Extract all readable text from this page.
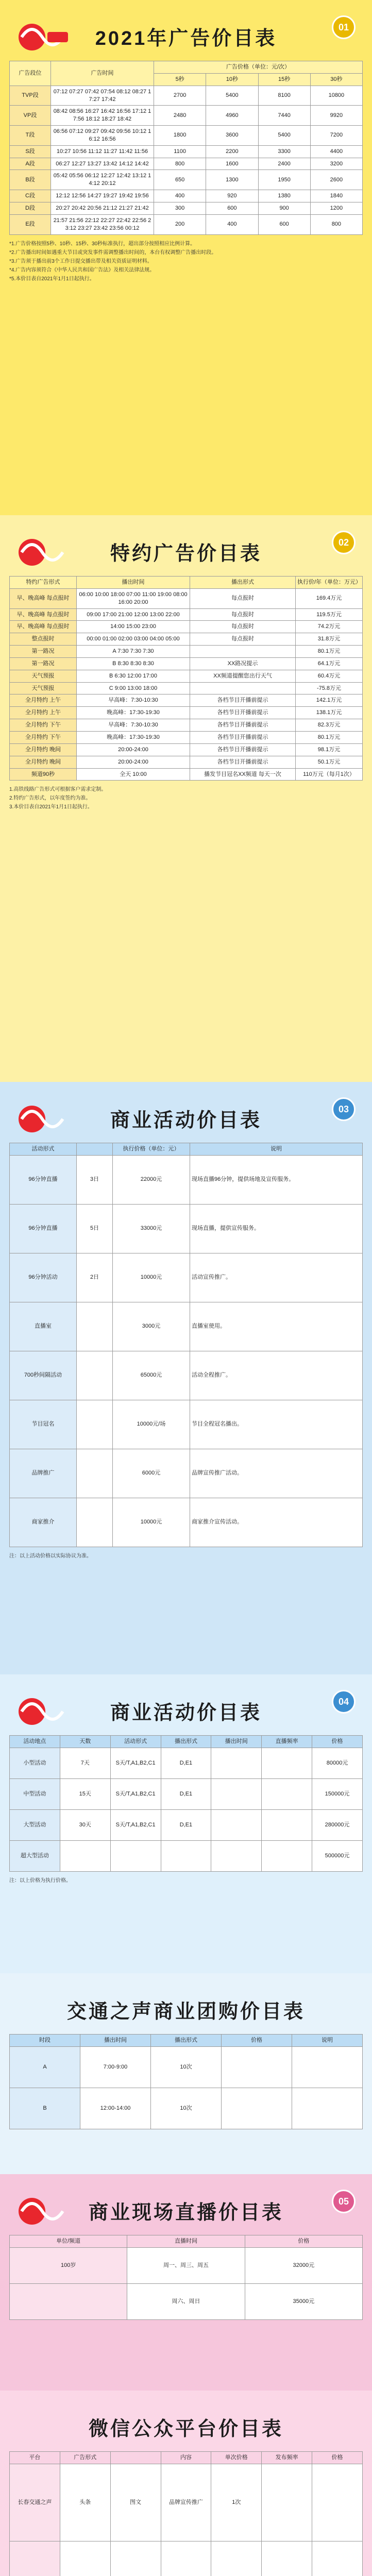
2021年广告价目表
01
广告段位	广告时间	广告价格（单位：元/次）			
		5秒	10秒	15秒	30秒
TVP段	07:12 07:27 07:42 07:54 08:12 08:27 17:27 17:42	2700	5400	8100	10800
VP段	08:42 08:56 16:27 16:42 16:56 17:12 17:56 18:12 18:27 18:42	2480	4960	7440	9920
T段	06:56 07:12 09:27 09:42 09:56 10:12 16:12 16:56	1800	3600	5400	7200
S段	10:27 10:56 11:12 11:27 11:42 11:56	1100	2200	3300	4400
A段	06:27 12:27 13:27 13:42 14:12 14:42	800	1600	2400	3200
B段	05:42 05:56 06:12 12:27 12:42 13:12 14:12 20:12	650	1300	1950	2600
C段	12:12 12:56 14:27 19:27 19:42 19:56	400	920	1380	1840
D段	20:27 20:42 20:56 21:12 21:27 21:42	300	600	900	1200
E段	21:57 21:56 22:12 22:27 22:42 22:56 23:12 23:27 23:42 23:56 00:12	200	400	600	800

*1.广告价格按照5秒、10秒、15秒、30秒标准执行，超出部分按照相应比例计算。

*2.广告播出时间如遇重大节目或突发事件需调整播出时间的，本台有权调整广告播出时段。

*3.广告须于播出前3个工作日提交播出带及相关资质证明材料。

*4.广告内容须符合《中华人民共和国广告法》及相关法律法规。

*5.本价目表自2021年1月1日起执行。

特约广告价目表
02
特约广告形式	播出时间	播出形式	执行价/年（单位：万元）
早、晚高峰 每点报时	06:00 10:00 18:00 07:00 11:00 19:00 08:00 16:00 20:00	每点报时	169.4万元
早、晚高峰 每点报时	09:00 17:00 21:00 12:00 13:00 22:00	每点报时	119.5万元
早、晚高峰 每点报时	14:00 15:00 23:00	每点报时	74.2万元
整点报时	00:00 01:00 02:00 03:00 04:00 05:00	每点报时	31.8万元
第一路况	A 7:30 7:30 7:30		80.1万元
第一路况	B 8:30 8:30 8:30	XX路况提示	64.1万元
天气预报	B 6:30 12:00 17:00	XX频道提醒您出行天气	60.4万元
天气预报	C 9:00 13:00 18:00		-75.8万元
全月特约 上午	早高峰：7:30-10:30	各档节目开播前提示	142.1万元
全月特约 上午	晚高峰：17:30-19:30	各档节目开播前提示	138.1万元
全月特约 下午	早高峰：7:30-10:30	各档节目开播前提示	82.3万元
全月特约 下午	晚高峰：17:30-19:30	各档节目开播前提示	80.1万元
全月特约 晚间	20:00-24:00	各档节目开播前提示	98.1万元
全月特约 晚间	20:00-24:00	各档节目开播前提示	50.1万元
频道90秒	全天 10:00	播发节目冠名XX频道 每天一次	110万元（每月1次）

1.高铁线路广告形式可根据客户需求定制。

2.特约广告形式，以年度签约为准。

3.本价目表自2021年1月1日起执行。

商业活动价目表
03
活动形式		执行价格（单位：元）	说明
96分钟直播	3日	22000元	现场直播96分钟，提供场地及宣传服务。
96分钟直播	5日	33000元	现场直播，提供宣传服务。
96分钟活动	2日	10000元	活动宣传推广。
直播室		3000元	直播室使用。
700秒间隔活动		65000元	活动全程推广。
节目冠名		10000元/场	节目全程冠名播出。
品牌推广		6000元	品牌宣传推广活动。
商家推介		10000元	商家推介宣传活动。

注：以上活动价格以实际协议为准。

商业活动价目表
04
活动地点	天数	活动形式	播出形式	播出时间	直播频率	价格
小型活动	7天	S天/T,A1,B2,C1	D,E1			80000元
中型活动	15天	S天/T,A1,B2,C1	D,E1			150000元
大型活动	30天	S天/T,A1,B2,C1	D,E1			280000元
超大型活动						500000元

注：以上价格为执行价格。

交通之声商业团购价目表
时段	播出时间	播出形式	价格	说明
A	7:00-9:00	10次		
B	12:00-14:00	10次		
商业现场直播价目表
05
单位/频道	直播时间	价格
100岁	周一、周三、周五	32000元
	周六、周日	35000元
微信公众平台价目表
平台	广告形式		内容	单次价格	发布频率	价格
长春交通之声	头条	图文	品牌宣传推广	1次		
